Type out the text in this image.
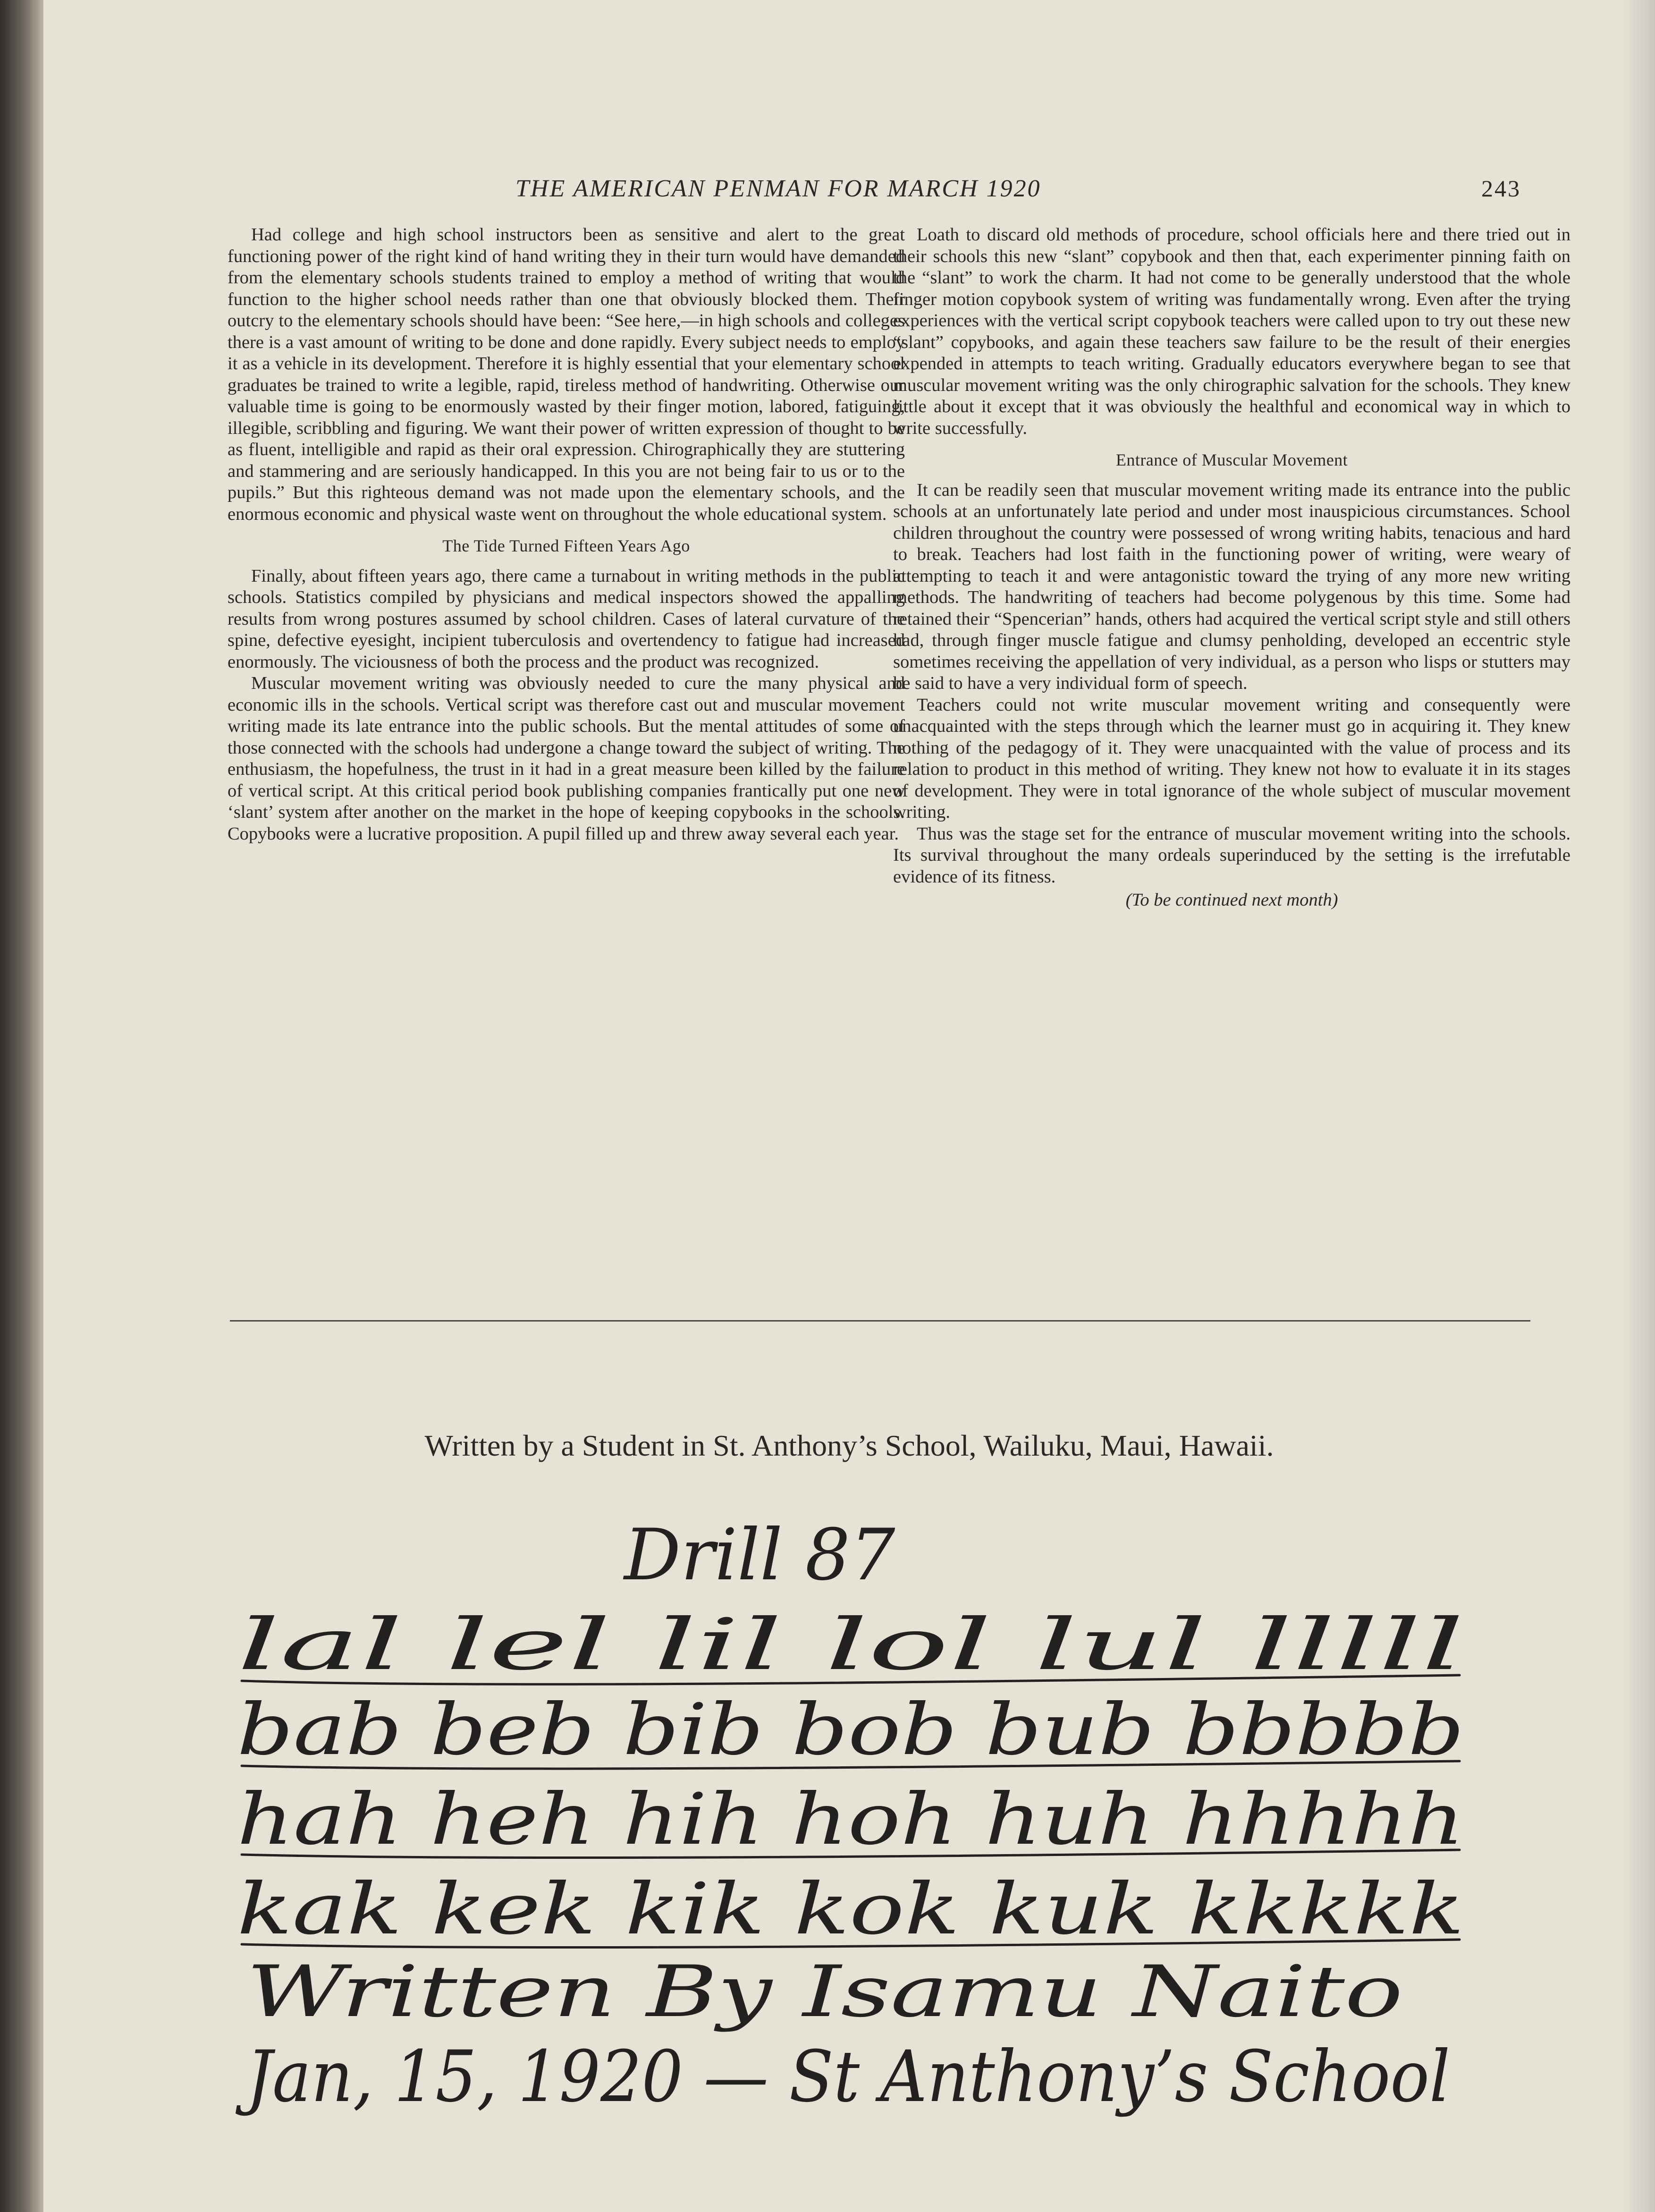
THE AMERICAN PENMAN FOR MARCH 1920	243

Had college and high school instructors been as sensitive and alert to the great functioning power of the right kind of hand writing they in their turn would have demanded from the elementary schools students trained to employ a method of writing that would function to the higher school needs rather than one that obviously blocked them. Their outcry to the elementary schools should have been: “See here,—in high schools and colleges there is a vast amount of writing to be done and done rapidly. Every subject needs to employ it as a vehicle in its development. Therefore it is highly essential that your elementary school graduates be trained to write a legible, rapid, tireless method of handwriting. Otherwise our valuable time is going to be enormously wasted by their finger motion, labored, fatiguing, illegible, scribbling and figuring. We want their power of written expression of thought to be as fluent, intelligible and rapid as their oral expression. Chirographically they are stuttering and stammering and are seriously handicapped. In this you are not being fair to us or to the pupils.” But this righteous demand was not made upon the elementary schools, and the enormous economic and physical waste went on throughout the whole educational system.

The Tide Turned Fifteen Years Ago

Finally, about fifteen years ago, there came a turnabout in writing methods in the public schools. Statistics compiled by physicians and medical inspectors showed the appalling results from wrong postures assumed by school children. Cases of lateral curvature of the spine, defective eyesight, incipient tuberculosis and overtendency to fatigue had increased enormously. The viciousness of both the process and the product was recognized.

Muscular movement writing was obviously needed to cure the many physical and economic ills in the schools. Vertical script was therefore cast out and muscular movement writing made its late entrance into the public schools. But the mental attitudes of some of those connected with the schools had undergone a change toward the subject of writing. The enthusiasm, the hopefulness, the trust in it had in a great measure been killed by the failure of vertical script. At this critical period book publishing companies frantically put one new ‘slant’ system after another on the market in the hope of keeping copybooks in the schools. Copybooks were a lucrative proposition. A pupil filled up and threw away several each year.

Loath to discard old methods of procedure, school officials here and there tried out in their schools this new “slant” copybook and then that, each experimenter pinning faith on the “slant” to work the charm. It had not come to be generally understood that the whole finger motion copybook system of writing was fundamentally wrong. Even after the trying experiences with the vertical script copybook teachers were called upon to try out these new “slant” copybooks, and again these teachers saw failure to be the result of their energies expended in attempts to teach writing. Gradually educators everywhere began to see that muscular movement writing was the only chirographic salvation for the schools. They knew little about it except that it was obviously the healthful and economical way in which to write successfully.

Entrance of Muscular Movement

It can be readily seen that muscular movement writing made its entrance into the public schools at an unfortunately late period and under most inauspicious circumstances. School children throughout the country were possessed of wrong writing habits, tenacious and hard to break. Teachers had lost faith in the functioning power of writing, were weary of attempting to teach it and were antagonistic toward the trying of any more new writing methods. The handwriting of teachers had become polygenous by this time. Some had retained their “Spencerian” hands, others had acquired the vertical script style and still others had, through finger muscle fatigue and clumsy penholding, developed an eccentric style sometimes receiving the appellation of very individual, as a person who lisps or stutters may be said to have a very individual form of speech.

Teachers could not write muscular movement writing and consequently were unacquainted with the steps through which the learner must go in acquiring it. They knew nothing of the pedagogy of it. They were unacquainted with the value of process and its relation to product in this method of writing. They knew not how to evaluate it in its stages of development. They were in total ignorance of the whole subject of muscular movement writing.

Thus was the stage set for the entrance of muscular movement writing into the schools. Its survival throughout the many ordeals superinduced by the setting is the irrefutable evidence of its fitness.

(To be continued next month)
Written by a Student in St. Anthony’s School, Wailuku, Maui, Hawaii.
Drill 87
lal lel lil lol lul lllll
bab beb bib bob bub bbbbb
hah heh hih hoh huh hhhhh
kak kek kik kok kuk kkkkk
Written By Isamu Naito
Jan, 15, 1920 — St Anthony’s School
